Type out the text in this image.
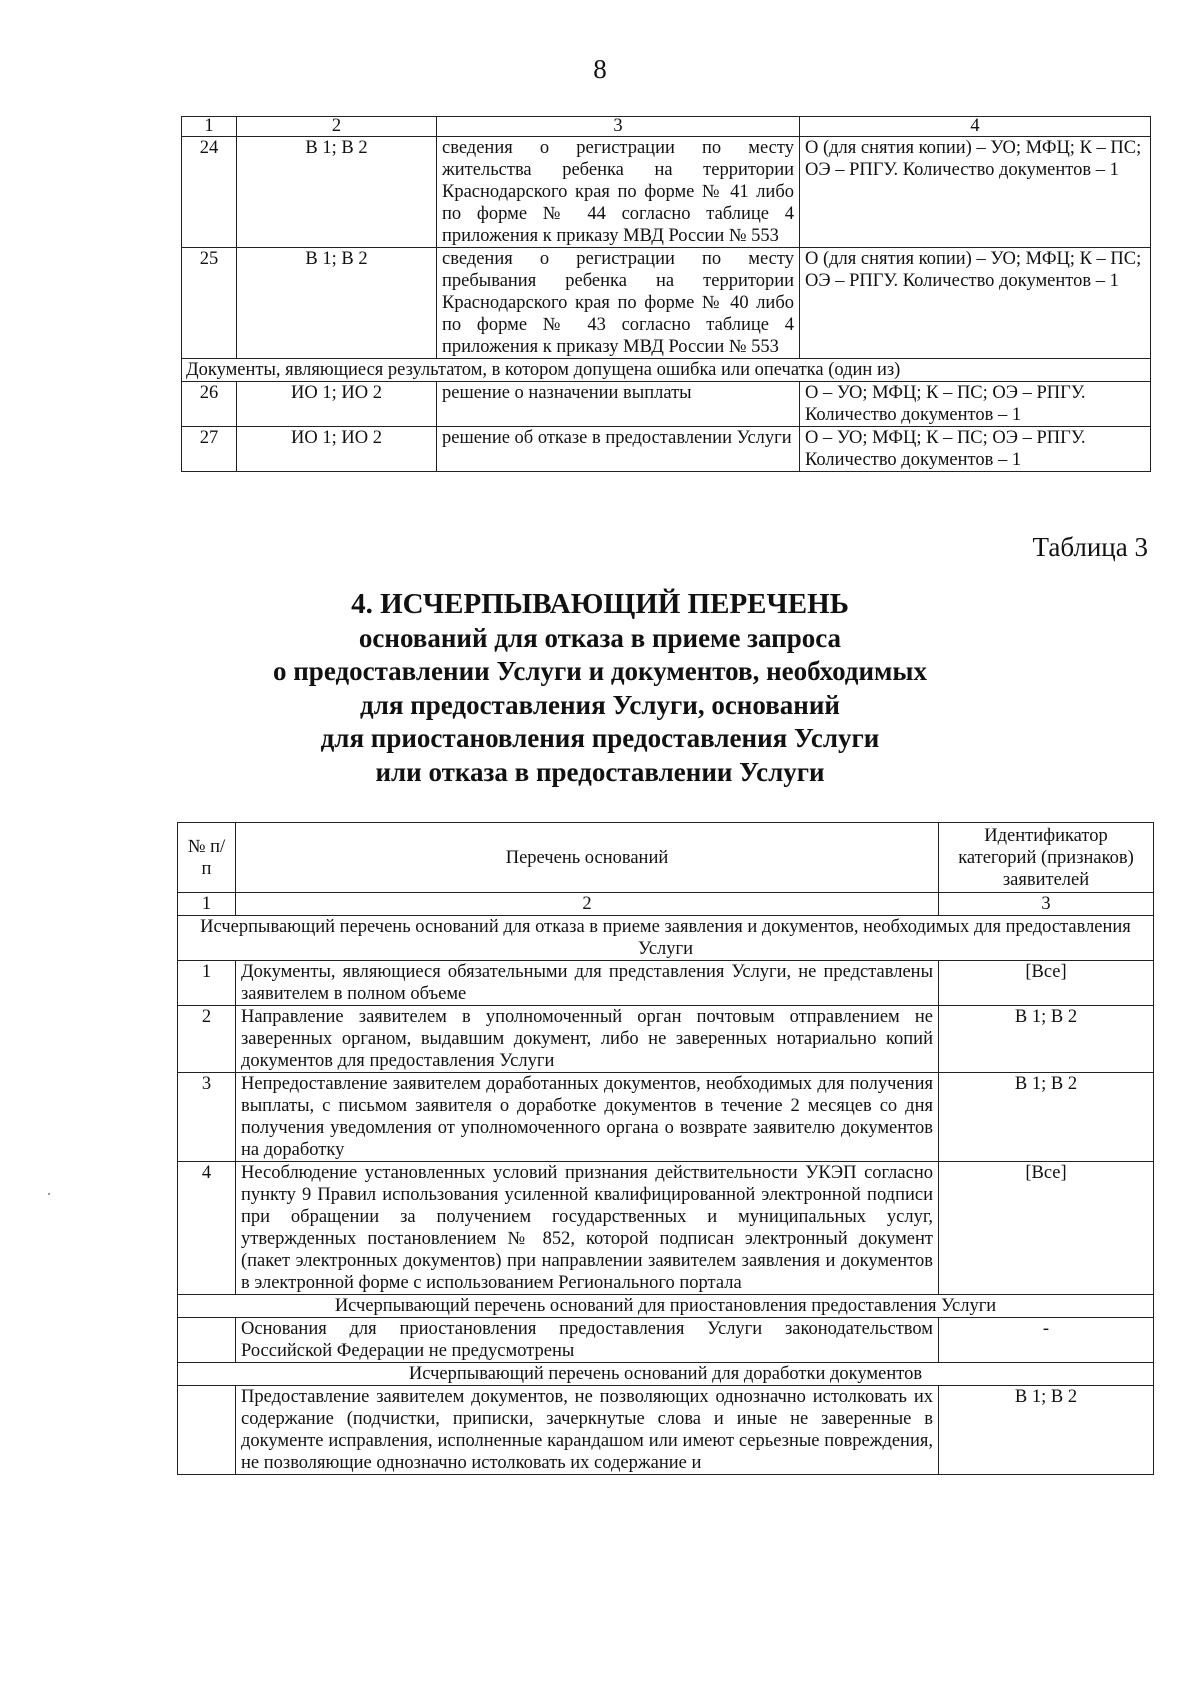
8
1	2	3	4
24	В 1; В 2	сведения о регистрации по месту жительства ребенка на территории Краснодарского края по форме № 41 либо по форме № 44 согласно таблице 4 приложения к приказу МВД России № 553	О (для снятия копии) – УО; МФЦ; К – ПС; ОЭ – РПГУ. Количество документов – 1
25	В 1; В 2	сведения о регистрации по месту пребывания ребенка на территории Краснодарского края по форме № 40 либо по форме № 43 согласно таблице 4 приложения к приказу МВД России № 553	О (для снятия копии) – УО; МФЦ; К – ПС; ОЭ – РПГУ. Количество документов – 1
Документы, являющиеся результатом, в котором допущена ошибка или опечатка (один из)			
26	ИО 1; ИО 2	решение о назначении выплаты	О – УО; МФЦ; К – ПС; ОЭ – РПГУ. Количество документов – 1
27	ИО 1; ИО 2	решение об отказе в предоставлении Услуги	О – УО; МФЦ; К – ПС; ОЭ – РПГУ. Количество документов – 1
Таблица 3
4. ИСЧЕРПЫВАЮЩИЙ ПЕРЕЧЕНЬ
оснований для отказа в приеме запроса
о предоставлении Услуги и документов, необходимых
для предоставления Услуги, оснований
для приостановления предоставления Услуги
или отказа в предоставлении Услуги
№ п/п	Перечень оснований	Идентификатор категорий (признаков) заявителей
1	2	3
Исчерпывающий перечень оснований для отказа в приеме заявления и документов, необходимых для предоставления Услуги		
1	Документы, являющиеся обязательными для представления Услуги, не представлены заявителем в полном объеме	[Все]
2	Направление заявителем в уполномоченный орган почтовым отправлением не заверенных органом, выдавшим документ, либо не заверенных нотариально копий документов для предоставления Услуги	В 1; В 2
3	Непредоставление заявителем доработанных документов, необходимых для получения выплаты, с письмом заявителя о доработке документов в течение 2 месяцев со дня получения уведомления от уполномоченного органа о возврате заявителю документов на доработку	В 1; В 2
4	Несоблюдение установленных условий признания действительности УКЭП согласно пункту 9 Правил использования усиленной квалифицированной электронной подписи при обращении за получением государственных и муниципальных услуг, утвержденных постановлением № 852, которой подписан электронный документ (пакет электронных документов) при направлении заявителем заявления и документов в электронной форме с использованием Регионального портала	[Все]
Исчерпывающий перечень оснований для приостановления предоставления Услуги		
	Основания для приостановления предоставления Услуги законодательством Российской Федерации не предусмотрены	-
Исчерпывающий перечень оснований для доработки документов		
	Предоставление заявителем документов, не позволяющих однозначно истолковать их содержание (подчистки, приписки, зачеркнутые слова и иные не заверенные в документе исправления, исполненные карандашом или имеют серьезные повреждения, не позволяющие однозначно истолковать их содержание и	В 1; В 2
